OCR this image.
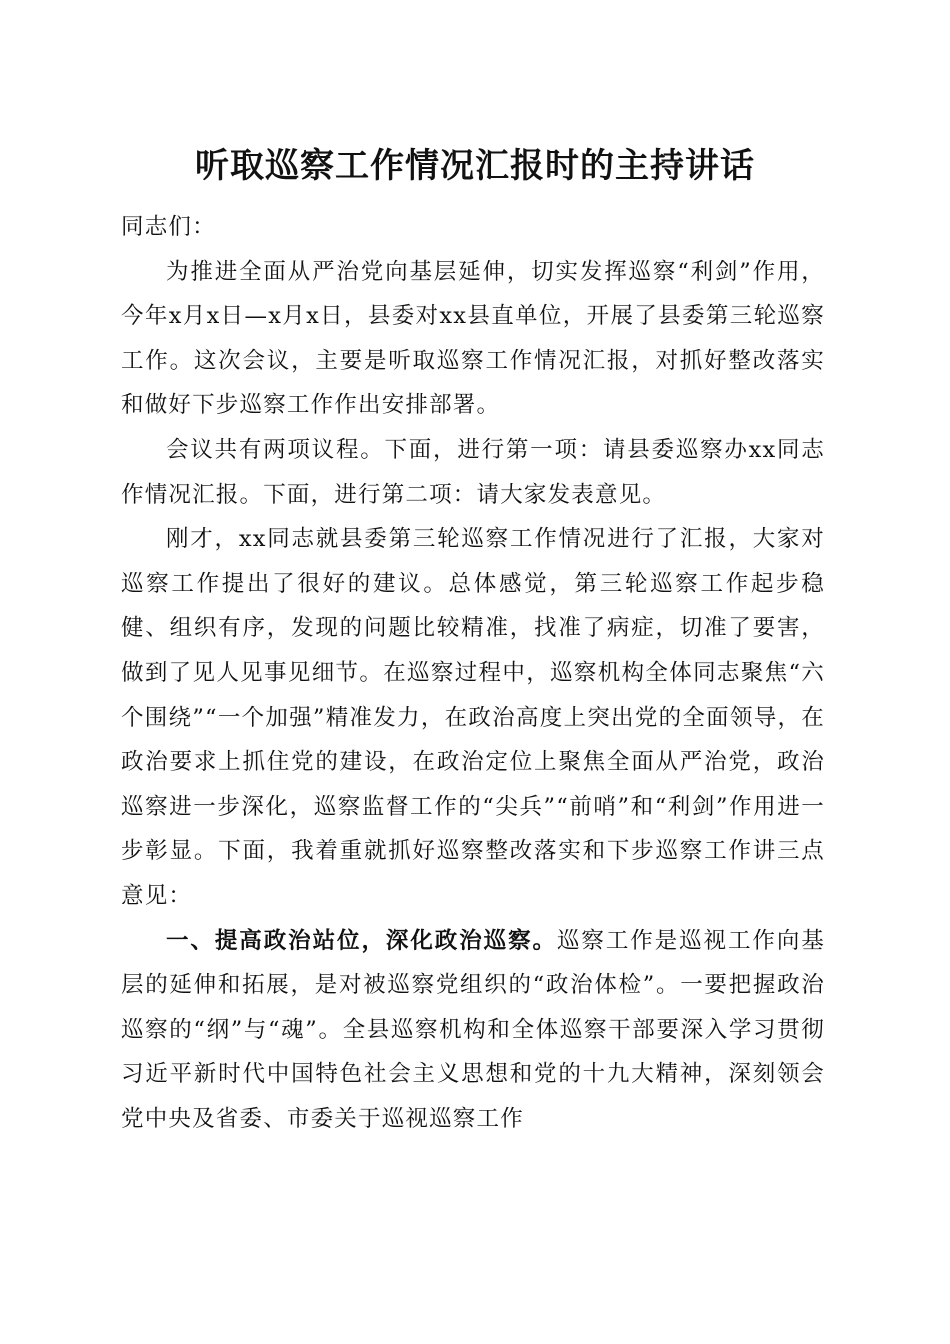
听取巡察工作情况汇报时的主持讲话

同志们：

为推进全面从严治党向基层延伸，切实发挥巡察“利剑”作用，今年x月x日—x月x日，县委对xx县直单位，开展了县委第三轮巡察工作。这次会议，主要是听取巡察工作情况汇报，对抓好整改落实和做好下步巡察工作作出安排部署。

会议共有两项议程。下面，进行第一项：请县委巡察办xx同志作情况汇报。下面，进行第二项：请大家发表意见。

刚才，xx同志就县委第三轮巡察工作情况进行了汇报，大家对巡察工作提出了很好的建议。总体感觉，第三轮巡察工作起步稳健、组织有序，发现的问题比较精准，找准了病症，切准了要害，做到了见人见事见细节。在巡察过程中，巡察机构全体同志聚焦“六个围绕”“一个加强”精准发力，在政治高度上突出党的全面领导，在政治要求上抓住党的建设，在政治定位上聚焦全面从严治党，政治巡察进一步深化，巡察监督工作的“尖兵”“前哨”和“利剑”作用进一步彰显。下面，我着重就抓好巡察整改落实和下步巡察工作讲三点意见：

一、提高政治站位，深化政治巡察。巡察工作是巡视工作向基层的延伸和拓展，是对被巡察党组织的“政治体检”。一要把握政治巡察的“纲”与“魂”。全县巡察机构和全体巡察干部要深入学习贯彻习近平新时代中国特色社会主义思想和党的十九大精神，深刻领会党中央及省委、市委关于巡视巡察工作
